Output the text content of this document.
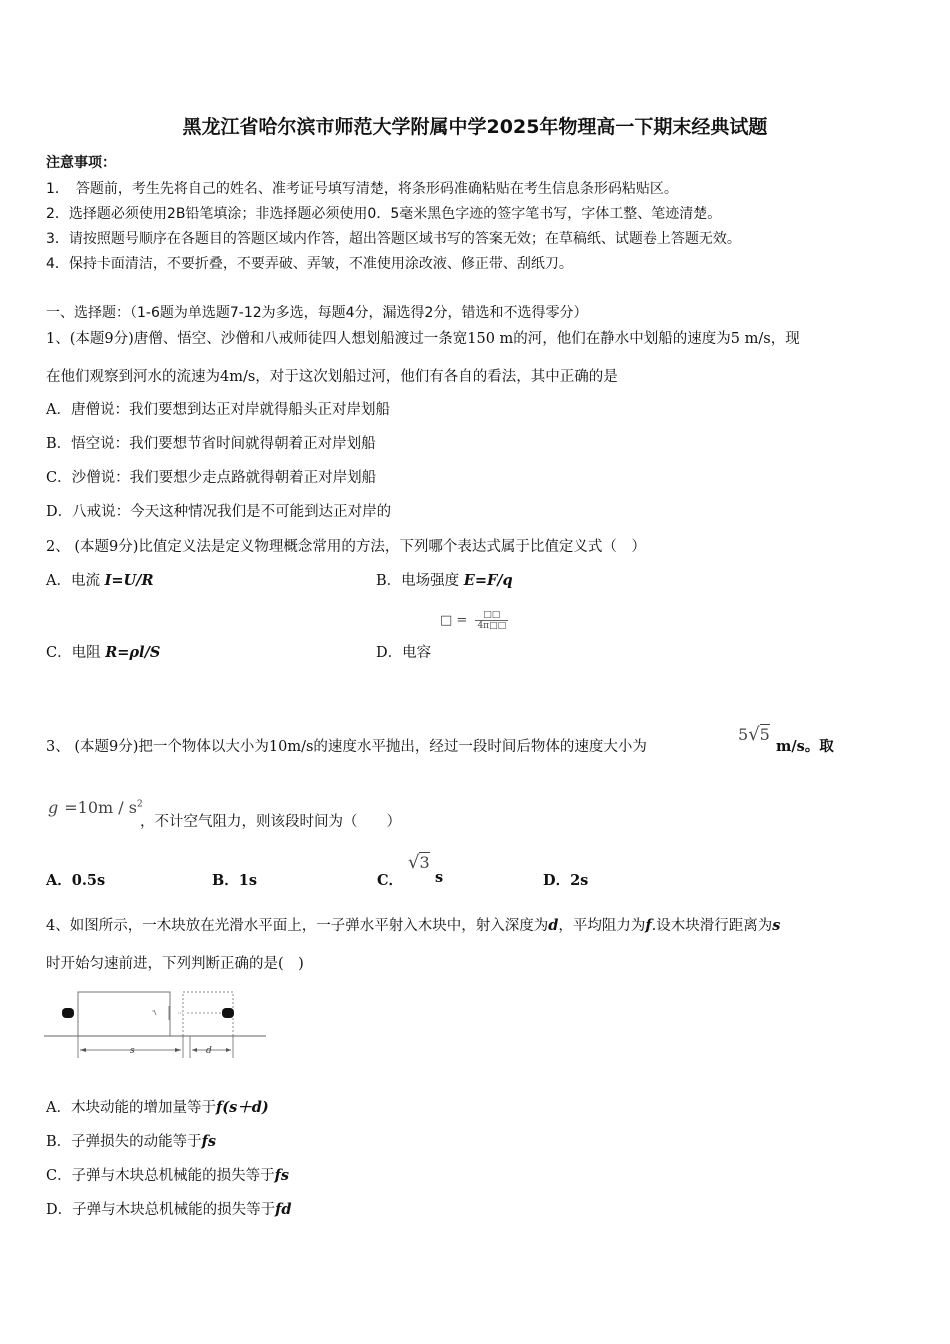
黑龙江省哈尔滨市师范大学附属中学2025年物理高一下期末经典试题
注意事项：
1．　答题前，考生先将自己的姓名、准考证号填写清楚，将条形码准确粘贴在考生信息条形码粘贴区。
2．选择题必须使用2B铅笔填涂；非选择题必须使用0．5毫米黑色字迹的签字笔书写，字体工整、笔迹清楚。
3．请按照题号顺序在各题目的答题区域内作答，超出答题区域书写的答案无效；在草稿纸、试题卷上答题无效。
4．保持卡面清洁，不要折叠，不要弄破、弄皱，不准使用涂改液、修正带、刮纸刀。
一、选择题：（1-6题为单选题7-12为多选，每题4分，漏选得2分，错选和不选得零分）
1、(本题9分)唐僧、悟空、沙僧和八戒师徒四人想划船渡过一条宽150 m的河，他们在静水中划船的速度为5 m/s，现
在他们观察到河水的流速为4m/s，对于这次划船过河，他们有各自的看法，其中正确的是
A．唐僧说：我们要想到达正对岸就得船头正对岸划船
B．悟空说：我们要想节省时间就得朝着正对岸划船
C．沙僧说：我们要想少走点路就得朝着正对岸划船
D．八戒说：今天这种情况我们是不可能到达正对岸的
2、 (本题9分)比值定义法是定义物理概念常用的方法，下列哪个表达式属于比值定义式（　）
A．电流 I=U/R	B．电场强度 E=F/q
C．电阻 R=ρl/S	D．电容
□ =	□□
4π□□
3、 (本题9分)把一个物体以大小为10m/s的速度水平抛出，经过一段时间后物体的速度大小为
5√5
m/s。取
$g =10m / s^2$
，不计空气阻力，则该段时间为（　　）
A．0.5s	B．1s	C．
√3
s	D．2s
4、如图所示，一木块放在光滑水平面上，一子弹水平射入木块中，射入深度为d，平均阻力为f.设木块滑行距离为s
时开始匀速前进，下列判断正确的是(　)
ᵛ
s	d
A．木块动能的增加量等于f(s＋d)
B．子弹损失的动能等于fs
C．子弹与木块总机械能的损失等于fs
D．子弹与木块总机械能的损失等于fd
